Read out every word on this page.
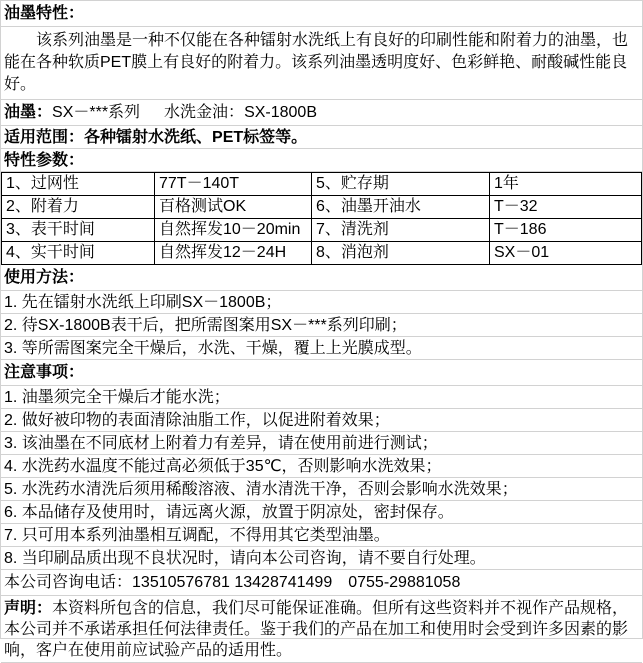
油墨特性：
该系列油墨是一种不仅能在各种镭射水洗纸上有良好的印刷性能和附着力的油墨，也能在各种软质PET膜上有良好的附着力。该系列油墨透明度好、色彩鲜艳、耐酸碱性能良好。
油墨：SX－***系列 水洗金油：SX-1800B
适用范围：各种镭射水洗纸、PET标签等。
特性参数：
1、过网性	77T－140T	5、贮存期	1年
2、附着力	百格测试OK	6、油墨开油水	T－32
3、表干时间	自然挥发10－20min	7、清洗剂	T－186
4、实干时间	自然挥发12－24H	8、消泡剂	SX－01
使用方法：
1. 先在镭射水洗纸上印刷SX－1800B；
2. 待SX-1800B表干后，把所需图案用SX－***系列印刷；
3. 等所需图案完全干燥后，水洗、干燥，覆上上光膜成型。
注意事项：
1. 油墨须完全干燥后才能水洗；
2. 做好被印物的表面清除油脂工作，以促进附着效果；
3. 该油墨在不同底材上附着力有差异，请在使用前进行测试；
4. 水洗药水温度不能过高必须低于35℃，否则影响水洗效果；
5. 水洗药水清洗后须用稀酸溶液、清水清洗干净，否则会影响水洗效果；
6. 本品储存及使用时，请远离火源，放置于阴凉处，密封保存。
7. 只可用本系列油墨相互调配，不得用其它类型油墨。
8. 当印刷品质出现不良状况时，请向本公司咨询，请不要自行处理。
本公司咨询电话：13510576781 13428741499　0755-29881058
声明：本资料所包含的信息，我们尽可能保证准确。但所有这些资料并不视作产品规格，本公司并不承诺承担任何法律责任。鉴于我们的产品在加工和使用时会受到许多因素的影响，客户在使用前应试验产品的适用性。
